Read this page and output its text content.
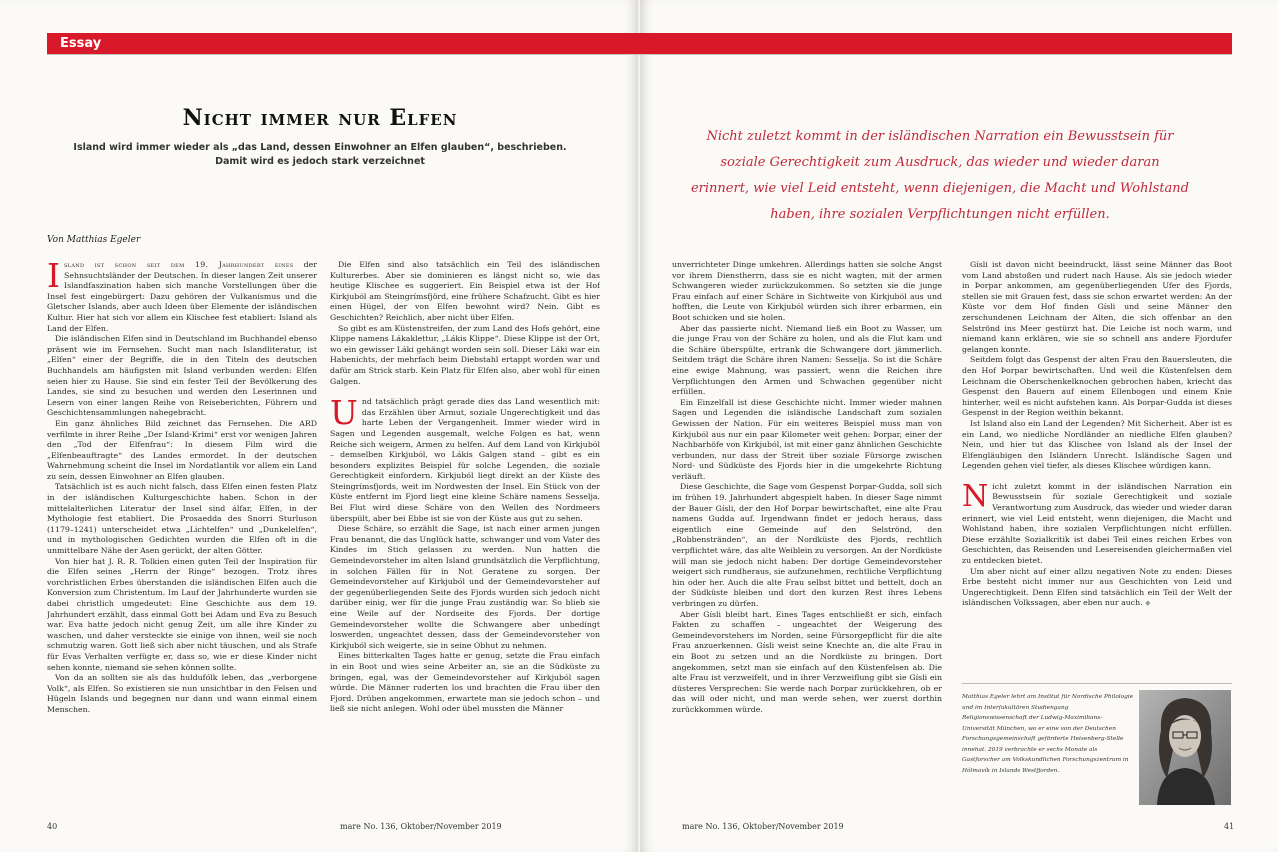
Essay
Nicht immer nur Elfen
Island wird immer wieder als „das Land, dessen Einwohner an Elfen glauben“, beschrieben.
Damit wird es jedoch stark verzeichnet
Nicht zuletzt kommt in der isländischen Narration ein Bewusstsein für soziale Gerechtigkeit zum Ausdruck, das wieder und wieder daran erinnert, wie viel Leid entsteht, wenn diejenigen, die Macht und Wohlstand haben, ihre sozialen Verpflichtungen nicht erfüllen.
Von Matthias Egeler

Island ist schon seit dem 19. Jahrhundert eines der Sehnsuchtsländer der Deutschen. In dieser langen Zeit unserer Islandfaszination haben sich manche Vorstellungen über die Insel fest eingebürgert: Dazu gehören der Vulkanismus und die Gletscher Islands, aber auch Ideen über Elemente der isländischen Kultur. Hier hat sich vor allem ein Klischee fest etabliert: Island als Land der Elfen.

Die isländischen Elfen sind in Deutschland im Buchhandel ebenso präsent wie im Fernsehen. Sucht man nach Islandliteratur, ist „Elfen“ einer der Begriffe, die in den Titeln des deutschen Buchhandels am häufigsten mit Island verbunden werden: Elfen seien hier zu Hause. Sie sind ein fester Teil der Bevölkerung des Landes, sie sind zu besuchen und werden den Leserinnen und Lesern von einer langen Reihe von Reiseberichten, Führern und Geschichtensammlungen nahegebracht.

Ein ganz ähnliches Bild zeichnet das Fernsehen. Die ARD verfilmte in ihrer Reihe „Der Island-Krimi“ erst vor wenigen Jahren den „Tod der Elfenfrau“: In diesem Film wird die „Elfenbeauftragte“ des Landes ermordet. In der deutschen Wahrnehmung scheint die Insel im Nordatlantik vor allem ein Land zu sein, dessen Einwohner an Elfen glauben.

Tatsächlich ist es auch nicht falsch, dass Elfen einen festen Platz in der isländischen Kulturgeschichte haben. Schon in der mittelalterlichen Literatur der Insel sind álfar, Elfen, in der Mythologie fest etabliert. Die Prosaedda des Snorri Sturluson (1179–1241) unterscheidet etwa „Lichtelfen“ und „Dunkelelfen“, und in mythologischen Gedichten wurden die Elfen oft in die unmittelbare Nähe der Asen gerückt, der alten Götter.

Von hier hat J. R. R. Tolkien einen guten Teil der Inspiration für die Elfen seines „Herrn der Ringe“ bezogen. Trotz ihres vorchristlichen Erbes überstanden die isländischen Elfen auch die Konversion zum Christentum. Im Lauf der Jahrhunderte wurden sie dabei christlich umgedeutet: Eine Geschichte aus dem 19. Jahrhundert erzählt, dass einmal Gott bei Adam und Eva zu Besuch war. Eva hatte jedoch nicht genug Zeit, um alle ihre Kinder zu waschen, und daher versteckte sie einige von ihnen, weil sie noch schmutzig waren. Gott ließ sich aber nicht täuschen, und als Strafe für Evas Verhalten verfügte er, dass so, wie er diese Kinder nicht sehen konnte, niemand sie sehen können sollte.

Von da an sollten sie als das huldufólk leben, das „verborgene Volk“, als Elfen. So existieren sie nun unsichtbar in den Felsen und Hügeln Islands und begegnen nur dann und wann einmal einem Menschen.

Die Elfen sind also tatsächlich ein Teil des isländischen Kulturerbes. Aber sie dominieren es längst nicht so, wie das heutige Klischee es suggeriert. Ein Beispiel etwa ist der Hof Kirkjuból am Steingrímsfjörd, eine frühere Schafzucht. Gibt es hier einen Hügel, der von Elfen bewohnt wird? Nein. Gibt es Geschichten? Reichlich, aber nicht über Elfen.

So gibt es am Küstenstreifen, der zum Land des Hofs gehört, eine Klippe namens Lákaklettur, „Lákis Klippe“. Diese Klippe ist der Ort, wo ein gewisser Láki gehängt worden sein soll. Dieser Láki war ein Habenichts, der mehrfach beim Diebstahl ertappt worden war und dafür am Strick starb. Kein Platz für Elfen also, aber wohl für einen Galgen.

Und tatsächlich prägt gerade dies das Land wesentlich mit: das Erzählen über Armut, soziale Ungerechtigkeit und das harte Leben der Vergangenheit. Immer wieder wird in Sagen und Legenden ausgemalt, welche Folgen es hat, wenn Reiche sich weigern, Armen zu helfen. Auf dem Land von Kirkjuból – demselben Kirkjuból, wo Lákis Galgen stand – gibt es ein besonders explizites Beispiel für solche Legenden, die soziale Gerechtigkeit einfordern. Kirkjuból liegt direkt an der Küste des Steingrímsfjords, weit im Nordwesten der Insel. Ein Stück von der Küste entfernt im Fjord liegt eine kleine Schäre namens Sesselja. Bei Flut wird diese Schäre von den Wellen des Nordmeers überspült, aber bei Ebbe ist sie von der Küste aus gut zu sehen.

Diese Schäre, so erzählt die Sage, ist nach einer armen jungen Frau benannt, die das Unglück hatte, schwanger und vom Vater des Kindes im Stich gelassen zu werden. Nun hatten die Gemeindevorsteher im alten Island grundsätzlich die Verpflichtung, in solchen Fällen für in Not Geratene zu sorgen. Der Gemeindevorsteher auf Kirkjuból und der Gemeindevorsteher auf der gegenüberliegenden Seite des Fjords wurden sich jedoch nicht darüber einig, wer für die junge Frau zuständig war. So blieb sie eine Weile auf der Nordseite des Fjords. Der dortige Gemeindevorsteher wollte die Schwangere aber unbedingt loswerden, ungeachtet dessen, dass der Gemeindevorsteher von Kirkjuból sich weigerte, sie in seine Obhut zu nehmen.

Eines bitterkalten Tages hatte er genug, setzte die Frau einfach in ein Boot und wies seine Arbeiter an, sie an die Südküste zu bringen, egal, was der Gemeindevorsteher auf Kirkjuból sagen würde. Die Männer ruderten los und brachten die Frau über den Fjord. Drüben angekommen, erwartete man sie jedoch schon – und ließ sie nicht anlegen. Wohl oder übel mussten die Männer

unverrichteter Dinge umkehren. Allerdings hatten sie solche Angst vor ihrem Dienstherrn, dass sie es nicht wagten, mit der armen Schwangeren wieder zurückzukommen. So setzten sie die junge Frau einfach auf einer Schäre in Sichtweite von Kirkjuból aus und hofften, die Leute von Kirkjuból würden sich ihrer erbarmen, ein Boot schicken und sie holen.

Aber das passierte nicht. Niemand ließ ein Boot zu Wasser, um die junge Frau von der Schäre zu holen, und als die Flut kam und die Schäre überspülte, ertrank die Schwangere dort jämmerlich. Seitdem trägt die Schäre ihren Namen: Sesselja. So ist die Schäre eine ewige Mahnung, was passiert, wenn die Reichen ihre Verpflichtungen den Armen und Schwachen gegenüber nicht erfüllen.

Ein Einzelfall ist diese Geschichte nicht. Immer wieder mahnen Sagen und Legenden die isländische Landschaft zum sozialen Gewissen der Nation. Für ein weiteres Beispiel muss man von Kirkjuból aus nur ein paar Kilometer weit gehen: Þorpar, einer der Nachbarhöfe von Kirkjuból, ist mit einer ganz ähnlichen Geschichte verbunden, nur dass der Streit über soziale Fürsorge zwischen Nord- und Südküste des Fjords hier in die umgekehrte Richtung verläuft.

Diese Geschichte, die Sage vom Gespenst Þorpar-Gudda, soll sich im frühen 19. Jahrhundert abgespielt haben. In dieser Sage nimmt der Bauer Gísli, der den Hof Þorpar bewirtschaftet, eine alte Frau namens Gudda auf. Irgendwann findet er jedoch heraus, dass eigentlich eine Gemeinde auf den Selströnd, den „Robbenstränden“, an der Nordküste des Fjords, rechtlich verpflichtet wäre, das alte Weiblein zu versorgen. An der Nordküste will man sie jedoch nicht haben: Der dortige Gemeindevorsteher weigert sich rundheraus, sie aufzunehmen, rechtliche Verpflichtung hin oder her. Auch die alte Frau selbst bittet und bettelt, doch an der Südküste bleiben und dort den kurzen Rest ihres Lebens verbringen zu dürfen.

Aber Gísli bleibt hart. Eines Tages entschließt er sich, einfach Fakten zu schaffen – ungeachtet der Weigerung des Gemeindevorstehers im Norden, seine Fürsorgepflicht für die alte Frau anzuerkennen. Gísli weist seine Knechte an, die alte Frau in ein Boot zu setzen und an die Nordküste zu bringen. Dort angekommen, setzt man sie einfach auf den Küstenfelsen ab. Die alte Frau ist verzweifelt, und in ihrer Verzweiflung gibt sie Gísli ein düsteres Versprechen: Sie werde nach Þorpar zurückkehren, ob er das will oder nicht, und man werde sehen, wer zuerst dorthin zurückkommen würde.

Gísli ist davon nicht beeindruckt, lässt seine Männer das Boot vom Land abstoßen und rudert nach Hause. Als sie jedoch wieder in Þorpar ankommen, am gegenüberliegenden Ufer des Fjords, stellen sie mit Grauen fest, dass sie schon erwartet werden: An der Küste vor dem Hof finden Gísli und seine Männer den zerschundenen Leichnam der Alten, die sich offenbar an den Selströnd ins Meer gestürzt hat. Die Leiche ist noch warm, und niemand kann erklären, wie sie so schnell ans andere Fjordufer gelangen konnte.

Seitdem folgt das Gespenst der alten Frau den Bauersleuten, die den Hof Þorpar bewirtschaften. Und weil die Küstenfelsen dem Leichnam die Oberschenkelknochen gebrochen haben, kriecht das Gespenst den Bauern auf einem Ellenbogen und einem Knie hinterher, weil es nicht aufstehen kann. Als Þorpar-Gudda ist dieses Gespenst in der Region weithin bekannt.

Ist Island also ein Land der Legenden? Mit Sicherheit. Aber ist es ein Land, wo niedliche Nordländer an niedliche Elfen glauben? Nein, und hier tut das Klischee von Island als der Insel der Elfengläubigen den Isländern Unrecht. Isländische Sagen und Legenden gehen viel tiefer, als dieses Klischee würdigen kann.

Nicht zuletzt kommt in der isländischen Narration ein Bewusstsein für soziale Gerechtigkeit und soziale Verantwortung zum Ausdruck, das wieder und wieder daran erinnert, wie viel Leid entsteht, wenn diejenigen, die Macht und Wohlstand haben, ihre sozialen Verpflichtungen nicht erfüllen. Diese erzählte Sozialkritik ist dabei Teil eines reichen Erbes von Geschichten, das Reisenden und Lesereisenden gleichermaßen viel zu entdecken bietet.

Um aber nicht auf einer allzu negativen Note zu enden: Dieses Erbe besteht nicht immer nur aus Geschichten von Leid und Ungerechtigkeit. Denn Elfen sind tatsächlich ein Teil der Welt der isländischen Volkssagen, aber eben nur auch. ◆

Matthias Egeler lehrt am Institut für Nordische Philologie und im Interfakultären Studiengang Religionswissenschaft der Ludwig-Maximilians-Universität München, wo er eine von der Deutschen Forschungsgemeinschaft geförderte Heisenberg-Stelle innehat. 2019 verbrachte er sechs Monate als Gastforscher am Volkskundlichen Forschungszentrum in Hólmavík in Islands Westfjorden.
40	mare No. 136, Oktober/November 2019	mare No. 136, Oktober/November 2019	41
